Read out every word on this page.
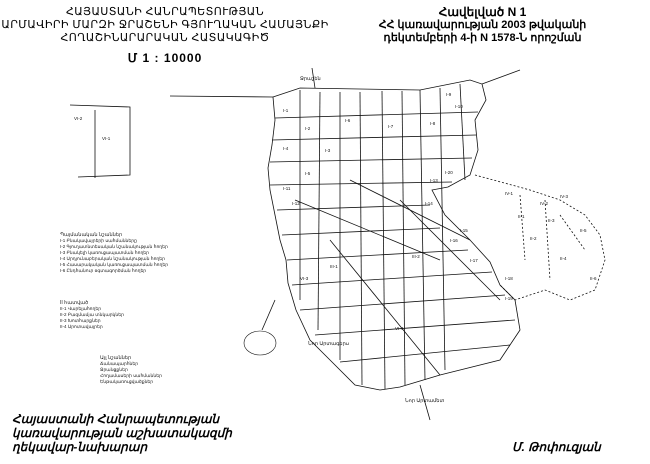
ՀԱՅԱՍՏԱՆԻ ՀԱՆՐԱՊԵՏՈՒԹՅԱՆ
ԱՐՄԱՎԻՐԻ ՄԱՐԶԻ ՋՐԱՇԵՆԻ ԳՅՈՒՂԱԿԱՆ ՀԱՄԱՅՆՔԻ
ՀՈՂԱՇԻՆԱՐԱՐԱԿԱՆ ՀԱՏԱԿԱԳԻԾ
Մ 1 : 10000
Հավելված N 1
ՀՀ կառավարության 2003 թվականի
դեկտեմբերի 4-ի N 1578-Ն որոշման
I-1
I-2
I-3
I-4
I-5
I-6
I-7
I-8
I-9
I-10
I-11
I-12
I-13
I-14
I-15
I-16
I-17
I-18
I-19
I-20
II-1
II-2
II-3
II-4
II-5
II-6
III-1
III-2
IV-1
IV-2
IV-3
VI-1
VI-2
VI-3
VI-4
Ջրաշեն
Նոր Արտագերս
Նոր Արտամետ
Պայմանական նշաններ
I-1 Բնակավայրերի սահմանները
I-2 Գյուղատնտեսական նշանակության հողեր
I-3 Բնակելի կառուցապատման հողեր
I-4 Արդյունաբերական նշանակության հողեր
I-5 Հասարակական կառուցապատման հողեր
I-6 Ընդհանուր օգտագործման հողեր
II հատված
II-1 Վարելահողեր
II-2 Բազմամյա տնկարկներ
II-3 Խոտհարքներ
II-4 Արոտավայրեր
Այլ նշաններ
Ճանապարհներ
Ջրանցքներ
Հողամասերի սահմաններ
Ենթակառուցվածքներ
Հայաստանի Հանրապետության
կառավարության աշխատակազմի
ղեկավար-նախարար	Մ. Թոփուզյան
